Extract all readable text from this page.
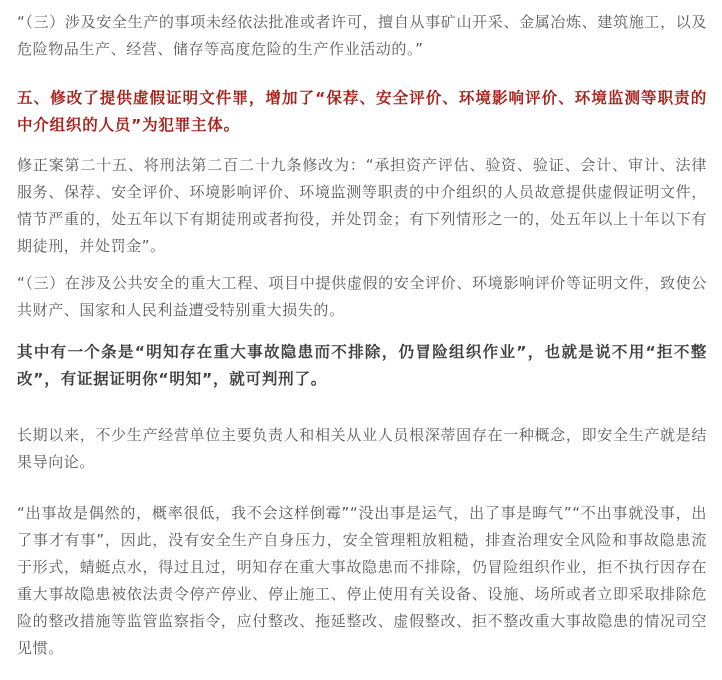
“（三）涉及安全生产的事项未经依法批准或者许可，擅自从事矿山开采、金属冶炼、建筑施工，以及危险物品生产、经营、储存等高度危险的生产作业活动的。”

五、修改了提供虚假证明文件罪，增加了“保荐、安全评价、环境影响评价、环境监测等职责的中介组织的人员”为犯罪主体。

修正案第二十五、将刑法第二百二十九条修改为：“承担资产评估、验资、验证、会计、审计、法律服务、保荐、安全评价、环境影响评价、环境监测等职责的中介组织的人员故意提供虚假证明文件，情节严重的，处五年以下有期徒刑或者拘役，并处罚金；有下列情形之一的，处五年以上十年以下有期徒刑，并处罚金”。

“（三）在涉及公共安全的重大工程、项目中提供虚假的安全评价、环境影响评价等证明文件，致使公共财产、国家和人民利益遭受特别重大损失的。

其中有一个条是“明知存在重大事故隐患而不排除，仍冒险组织作业”，也就是说不用“拒不整改”，有证据证明你“明知”，就可判刑了。

长期以来，不少生产经营单位主要负责人和相关从业人员根深蒂固存在一种概念，即安全生产就是结果导向论。

“出事故是偶然的，概率很低，我不会这样倒霉”“没出事是运气，出了事是晦气”“不出事就没事，出了事才有事”，因此，没有安全生产自身压力，安全管理粗放粗糙，排查治理安全风险和事故隐患流于形式，蜻蜓点水，得过且过，明知存在重大事故隐患而不排除，仍冒险组织作业，拒不执行因存在重大事故隐患被依法责令停产停业、停止施工、停止使用有关设备、设施、场所或者立即采取排除危险的整改措施等监管监察指令，应付整改、拖延整改、虚假整改、拒不整改重大事故隐患的情况司空见惯。
